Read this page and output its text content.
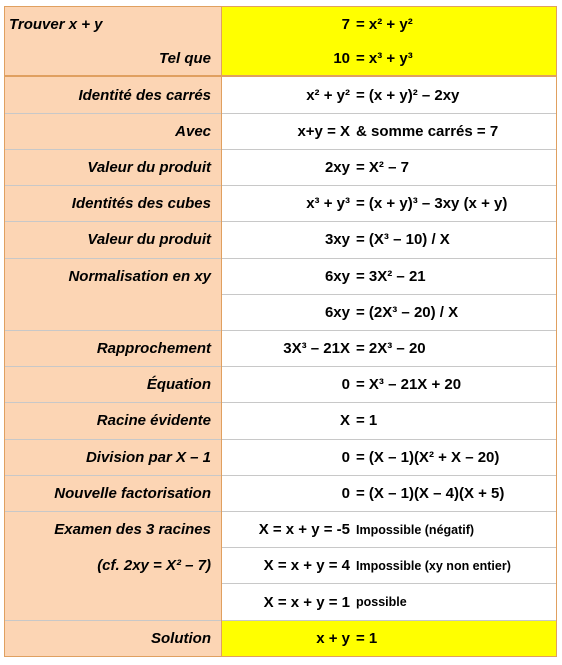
Trouver x + y	7	= x² + y²
Tel que	10	= x³ + y³
Identité des carrés	x² + y²	= (x + y)² – 2xy
Avec	x+y = X	& somme carrés = 7
Valeur du produit	2xy	= X² – 7
Identités des cubes	x³ + y³	= (x + y)³ – 3xy (x + y)
Valeur du produit	3xy	= (X³ – 10) / X
Normalisation en xy	6xy	= 3X² – 21
	6xy	= (2X³ – 20) / X
Rapprochement	3X³ – 21X	= 2X³ – 20
Équation	0	= X³ – 21X + 20
Racine évidente	X	= 1
Division par X – 1	0	= (X – 1)(X² + X – 20)
Nouvelle factorisation	0	= (X – 1)(X – 4)(X + 5)
Examen des 3 racines	X = x + y = -5	Impossible (négatif)
(cf. 2xy = X² – 7)	X = x + y = 4	Impossible (xy non entier)
	X = x + y = 1	possible
Solution	x + y	= 1
